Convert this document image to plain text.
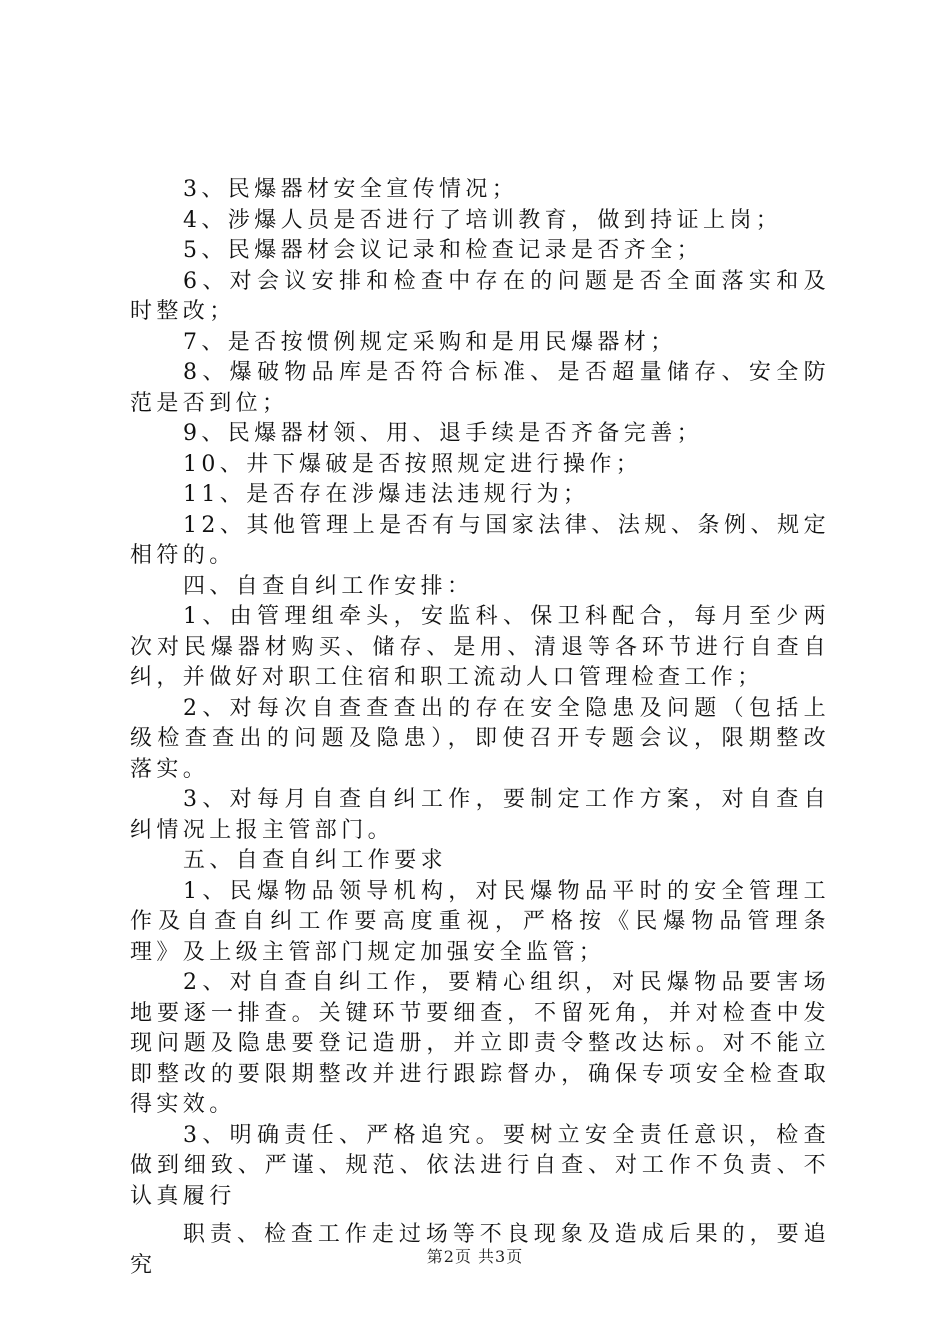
3、民爆器材安全宣传情况；

4、涉爆人员是否进行了培训教育，做到持证上岗；

5、民爆器材会议记录和检查记录是否齐全；

6、对会议安排和检查中存在的问题是否全面落实和及时整改；

7、是否按惯例规定采购和是用民爆器材；

8、爆破物品库是否符合标准、是否超量储存、安全防范是否到位；

9、民爆器材领、用、退手续是否齐备完善；

10、井下爆破是否按照规定进行操作；

11、是否存在涉爆违法违规行为；

12、其他管理上是否有与国家法律、法规、条例、规定相符的。

四、自查自纠工作安排：

1、由管理组牵头，安监科、保卫科配合，每月至少两次对民爆器材购买、储存、是用、清退等各环节进行自查自纠，并做好对职工住宿和职工流动人口管理检查工作；

2、对每次自查查查出的存在安全隐患及问题（包括上级检查查出的问题及隐患），即使召开专题会议，限期整改落实。

3、对每月自查自纠工作，要制定工作方案，对自查自纠情况上报主管部门。

五、自查自纠工作要求

1、民爆物品领导机构，对民爆物品平时的安全管理工作及自查自纠工作要高度重视，严格按《民爆物品管理条理》及上级主管部门规定加强安全监管；

2、对自查自纠工作，要精心组织，对民爆物品要害场地要逐一排查。关键环节要细查，不留死角，并对检查中发现问题及隐患要登记造册，并立即责令整改达标。对不能立即整改的要限期整改并进行跟踪督办，确保专项安全检查取得实效。

3、明确责任、严格追究。要树立安全责任意识，检查做到细致、严谨、规范、依法进行自查、对工作不负责、不认真履行

职责、检查工作走过场等不良现象及造成后果的，要追究	第2页 共3页
